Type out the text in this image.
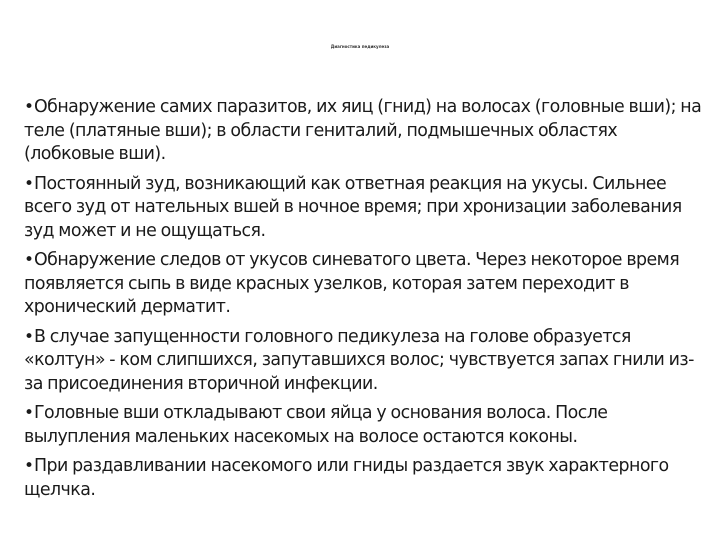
Диагностика педикулеза
•Обнаружение самих паразитов, их яиц (гнид) на волосах (головные вши); на теле (платяные вши); в области гениталий, подмышечных областях (лобковые вши).
•Постоянный зуд, возникающий как ответная реакция на укусы. Сильнее всего зуд от нательных вшей в ночное время; при хронизации заболевания зуд может и не ощущаться.
•Обнаружение следов от укусов синеватого цвета. Через некоторое время появляется сыпь в виде красных узелков, которая затем переходит в хронический дерматит.
•В случае запущенности головного педикулеза на голове образуется «колтун» - ком слипшихся, запутавшихся волос; чувствуется запах гнили из-за присоединения вторичной инфекции.
•Головные вши откладывают свои яйца у основания волоса. После вылупления маленьких насекомых на волосе остаются коконы.
•При раздавливании насекомого или гниды раздается звук характерного щелчка.
